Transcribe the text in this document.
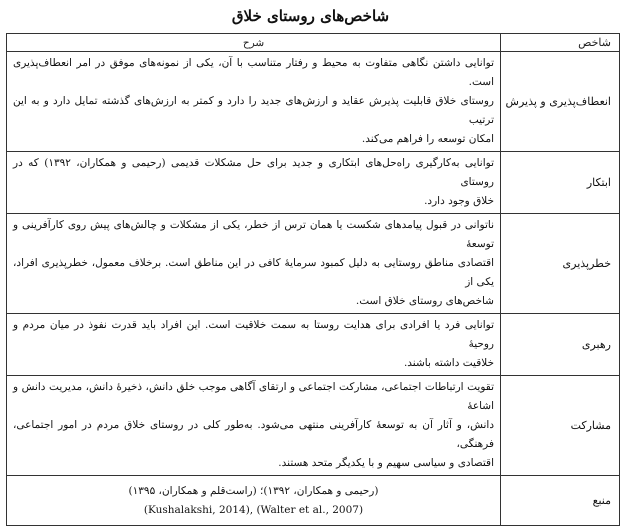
شاخص‌های روستای خلاق
شاخص	شرح
انعطاف‌پذیری و پذیرش	توانایی داشتن نگاهی متفاوت به محیط و رفتار متناسب با آن، یکی از نمونه‌های موفق در امر انعطاف‌پذیری است.
روستای خلاق قابلیت پذیرش عقاید و ارزش‌های جدید را دارد و کمتر به ارزش‌های گذشته تمایل دارد و به این ترتیب
امکان توسعه را فراهم می‌کند.

ابتکار	توانایی به‌کارگیری راه‌حل‌های ابتکاری و جدید برای حل مشکلات قدیمی (رحیمی و همکاران، ۱۳۹۲) که در روستای
خلاق وجود دارد.

خطرپذیری	ناتوانی در قبول پیامدهای شکست یا همان ترس از خطر، یکی از مشکلات و چالش‌های پیش روی کارآفرینی و توسعهٔ
اقتصادی مناطق روستایی به دلیل کمبود سرمایهٔ کافی در این مناطق است. برخلاف معمول، خطرپذیری افراد، یکی از
شاخص‌های روستای خلاق است.

رهبری	توانایی فرد یا افرادی برای هدایت روستا به سمت خلاقیت است. این افراد باید قدرت نفوذ در میان مردم و روحیهٔ
خلاقیت داشته باشند.

مشارکت	تقویت ارتباطات اجتماعی، مشارکت اجتماعی و ارتقای آگاهی موجب خلق دانش، ذخیرهٔ دانش، مدیریت دانش و اشاعهٔ
دانش، و آثار آن به توسعهٔ کارآفرینی منتهی می‌شود. به‌طور کلی در روستای خلاق مردم در امور اجتماعی، فرهنگی،
اقتصادی و سیاسی سهیم و با یکدیگر متحد هستند.

منبع	(رحیمی و همکاران، ۱۳۹۲)؛ (راست‌قلم و همکاران، ۱۳۹۵)
(Kushalakshi, 2014), (Walter et al., 2007)
